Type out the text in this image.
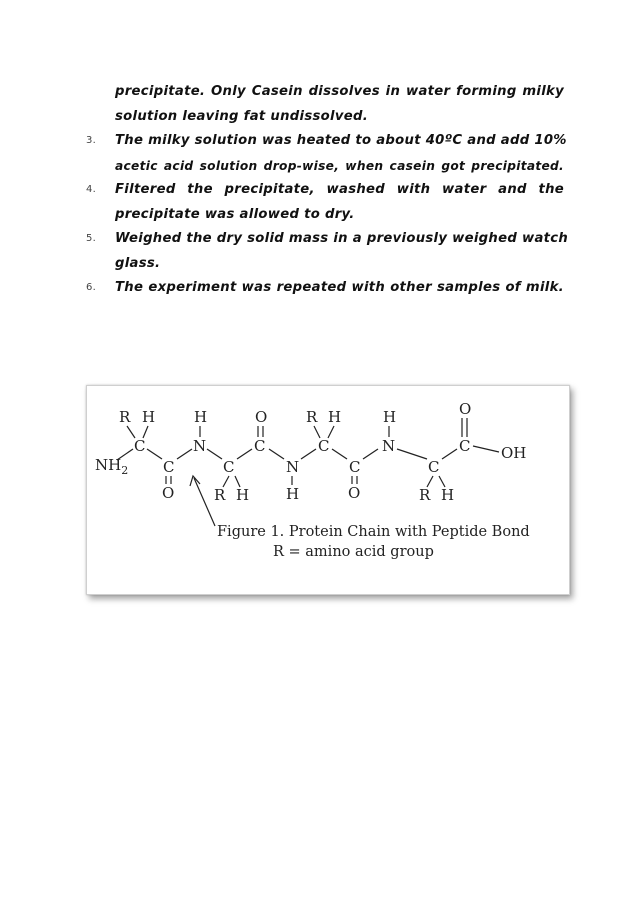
precipitate. Only Casein dissolves in water forming milky
solution leaving fat undissolved.
3. The milky solution was heated to about 40ºC and add 10%
acetic acid solution drop-wise, when casein got precipitated.
4. Filtered the precipitate, washed with water and the
precipitate was allowed to dry.
5. Weighed the dry solid mass in a previously weighed watch
glass.
6. The experiment was repeated with other samples of milk.
R H
C
$NH_2$ C
O
H
N
C
R H
O
C
N
H
R H
C
C
O
H
N
C
R H
O
C OH
Figure 1. Protein Chain with Peptide Bond
R = amino acid group
